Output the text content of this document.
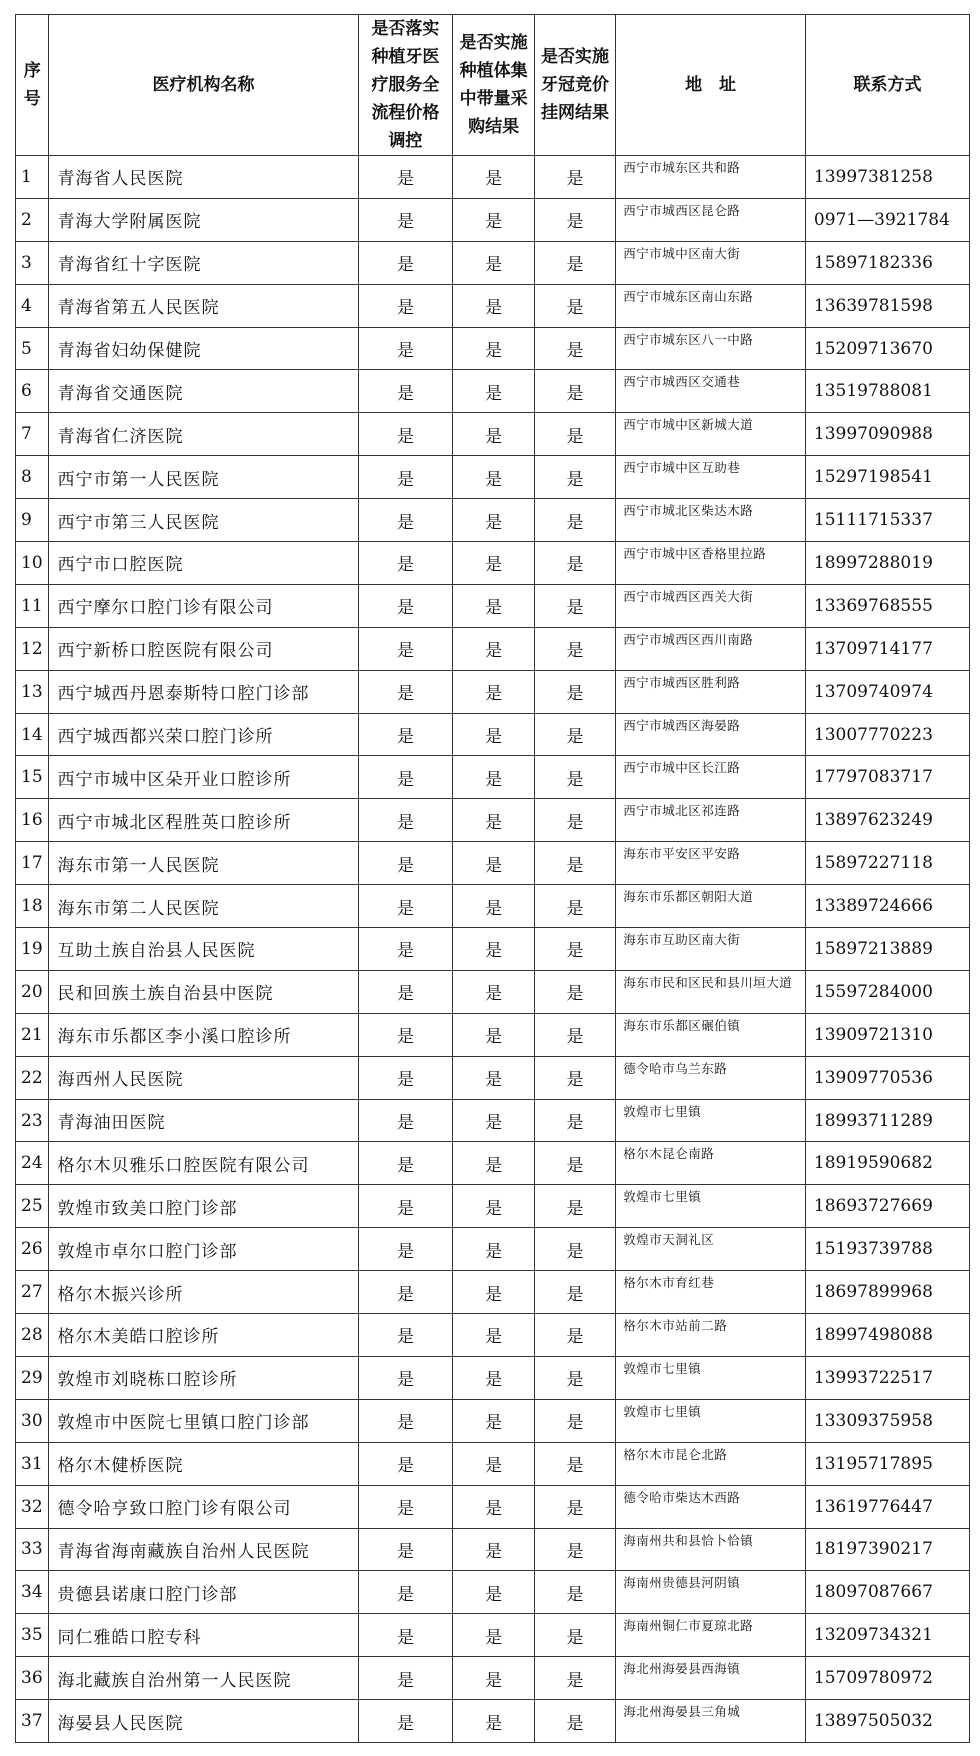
序号	医疗机构名称	是否落实种植牙医疗服务全流程价格调控	是否实施种植体集中带量采购结果	是否实施牙冠竞价挂网结果	地　址	联系方式
1	青海省人民医院	是	是	是	西宁市城东区共和路	13997381258
2	青海大学附属医院	是	是	是	西宁市城西区昆仑路	0971—3921784
3	青海省红十字医院	是	是	是	西宁市城中区南大街	15897182336
4	青海省第五人民医院	是	是	是	西宁市城东区南山东路	13639781598
5	青海省妇幼保健院	是	是	是	西宁市城东区八一中路	15209713670
6	青海省交通医院	是	是	是	西宁市城西区交通巷	13519788081
7	青海省仁济医院	是	是	是	西宁市城中区新城大道	13997090988
8	西宁市第一人民医院	是	是	是	西宁市城中区互助巷	15297198541
9	西宁市第三人民医院	是	是	是	西宁市城北区柴达木路	15111715337
10	西宁市口腔医院	是	是	是	西宁市城中区香格里拉路	18997288019
11	西宁摩尔口腔门诊有限公司	是	是	是	西宁市城西区西关大街	13369768555
12	西宁新桥口腔医院有限公司	是	是	是	西宁市城西区西川南路	13709714177
13	西宁城西丹恩泰斯特口腔门诊部	是	是	是	西宁市城西区胜利路	13709740974
14	西宁城西都兴荣口腔门诊所	是	是	是	西宁市城西区海晏路	13007770223
15	西宁市城中区朵开业口腔诊所	是	是	是	西宁市城中区长江路	17797083717
16	西宁市城北区程胜英口腔诊所	是	是	是	西宁市城北区祁连路	13897623249
17	海东市第一人民医院	是	是	是	海东市平安区平安路	15897227118
18	海东市第二人民医院	是	是	是	海东市乐都区朝阳大道	13389724666
19	互助土族自治县人民医院	是	是	是	海东市互助区南大街	15897213889
20	民和回族土族自治县中医院	是	是	是	海东市民和区民和县川垣大道	15597284000
21	海东市乐都区李小溪口腔诊所	是	是	是	海东市乐都区碾伯镇	13909721310
22	海西州人民医院	是	是	是	德令哈市乌兰东路	13909770536
23	青海油田医院	是	是	是	敦煌市七里镇	18993711289
24	格尔木贝雅乐口腔医院有限公司	是	是	是	格尔木昆仑南路	18919590682
25	敦煌市致美口腔门诊部	是	是	是	敦煌市七里镇	18693727669
26	敦煌市卓尔口腔门诊部	是	是	是	敦煌市天洞礼区	15193739788
27	格尔木振兴诊所	是	是	是	格尔木市育红巷	18697899968
28	格尔木美皓口腔诊所	是	是	是	格尔木市站前二路	18997498088
29	敦煌市刘晓栋口腔诊所	是	是	是	敦煌市七里镇	13993722517
30	敦煌市中医院七里镇口腔门诊部	是	是	是	敦煌市七里镇	13309375958
31	格尔木健桥医院	是	是	是	格尔木市昆仑北路	13195717895
32	德令哈亨致口腔门诊有限公司	是	是	是	德令哈市柴达木西路	13619776447
33	青海省海南藏族自治州人民医院	是	是	是	海南州共和县恰卜恰镇	18197390217
34	贵德县诺康口腔门诊部	是	是	是	海南州贵德县河阴镇	18097087667
35	同仁雅皓口腔专科	是	是	是	海南州铜仁市夏琼北路	13209734321
36	海北藏族自治州第一人民医院	是	是	是	海北州海晏县西海镇	15709780972
37	海晏县人民医院	是	是	是	海北州海晏县三角城	13897505032
